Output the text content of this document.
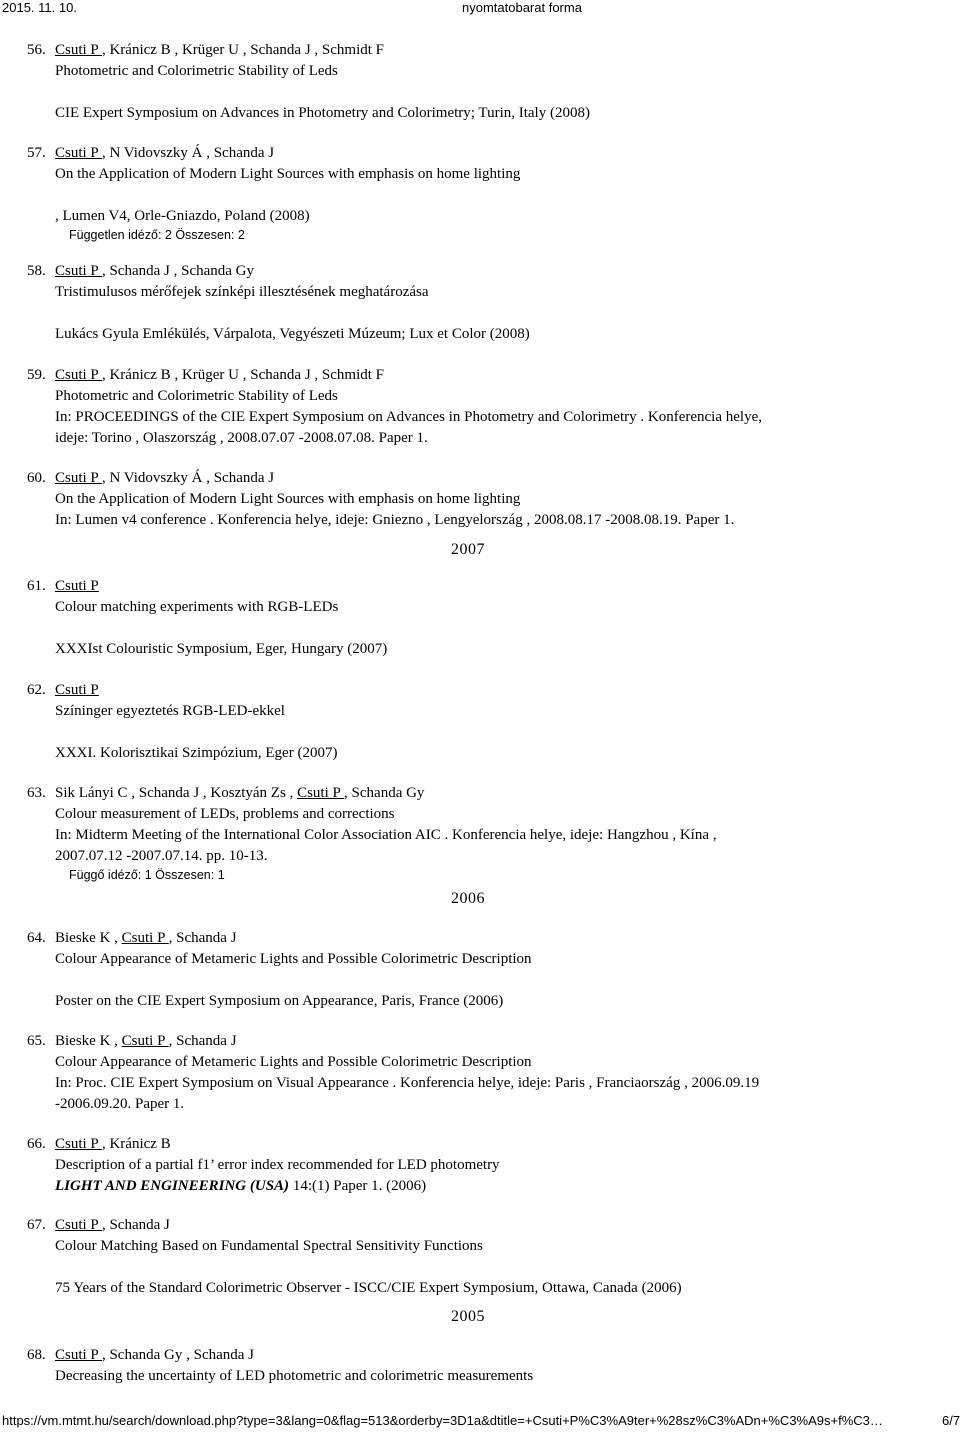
2015. 11. 10.	nyomtatobarat forma
56. Csuti P , Kránicz B , Krüger U , Schanda J , Schmidt F
Photometric and Colorimetric Stability of Leds
CIE Expert Symposium on Advances in Photometry and Colorimetry; Turin, Italy (2008)
57. Csuti P , N Vidovszky Á , Schanda J
On the Application of Modern Light Sources with emphasis on home lighting
, Lumen V4, Orle-Gniazdo, Poland (2008)
Független idéző: 2 Összesen: 2
58. Csuti P , Schanda J , Schanda Gy
Tristimulusos mérőfejek színképi illesztésének meghatározása
Lukács Gyula Emlékülés, Várpalota, Vegyészeti Múzeum; Lux et Color (2008)
59. Csuti P , Kránicz B , Krüger U , Schanda J , Schmidt F
Photometric and Colorimetric Stability of Leds
In: PROCEEDINGS of the CIE Expert Symposium on Advances in Photometry and Colorimetry . Konferencia helye,
ideje: Torino , Olaszország , 2008.07.07 -2008.07.08. Paper 1.
60. Csuti P , N Vidovszky Á , Schanda J
On the Application of Modern Light Sources with emphasis on home lighting
In: Lumen v4 conference . Konferencia helye, ideje: Gniezno , Lengyelország , 2008.08.17 -2008.08.19. Paper 1.
2007
61. Csuti P
Colour matching experiments with RGB-LEDs
XXXIst Colouristic Symposium, Eger, Hungary (2007)
62. Csuti P
Színinger egyeztetés RGB-LED-ekkel
XXXI. Kolorisztikai Szimpózium, Eger (2007)
63. Sik Lányi C , Schanda J , Kosztyán Zs , Csuti P , Schanda Gy
Colour measurement of LEDs, problems and corrections
In: Midterm Meeting of the International Color Association AIC . Konferencia helye, ideje: Hangzhou , Kína ,
2007.07.12 -2007.07.14. pp. 10-13.
Függő idéző: 1 Összesen: 1
2006
64. Bieske K , Csuti P , Schanda J
Colour Appearance of Metameric Lights and Possible Colorimetric Description
Poster on the CIE Expert Symposium on Appearance, Paris, France (2006)
65. Bieske K , Csuti P , Schanda J
Colour Appearance of Metameric Lights and Possible Colorimetric Description
In: Proc. CIE Expert Symposium on Visual Appearance . Konferencia helye, ideje: Paris , Franciaország , 2006.09.19
-2006.09.20. Paper 1.
66. Csuti P , Kránicz B
Description of a partial f1’ error index recommended for LED photometry
LIGHT AND ENGINEERING (USA) 14:(1) Paper 1. (2006)
67. Csuti P , Schanda J
Colour Matching Based on Fundamental Spectral Sensitivity Functions
75 Years of the Standard Colorimetric Observer - ISCC/CIE Expert Symposium, Ottawa, Canada (2006)
2005
68. Csuti P , Schanda Gy , Schanda J
Decreasing the uncertainty of LED photometric and colorimetric measurements
https://vm.mtmt.hu/search/download.php?type=3&lang=0&flag=513&orderby=3D1a&dtitle=+Csuti+P%C3%A9ter+%28sz%C3%ADn+%C3%A9s+f%C3…	6/7
